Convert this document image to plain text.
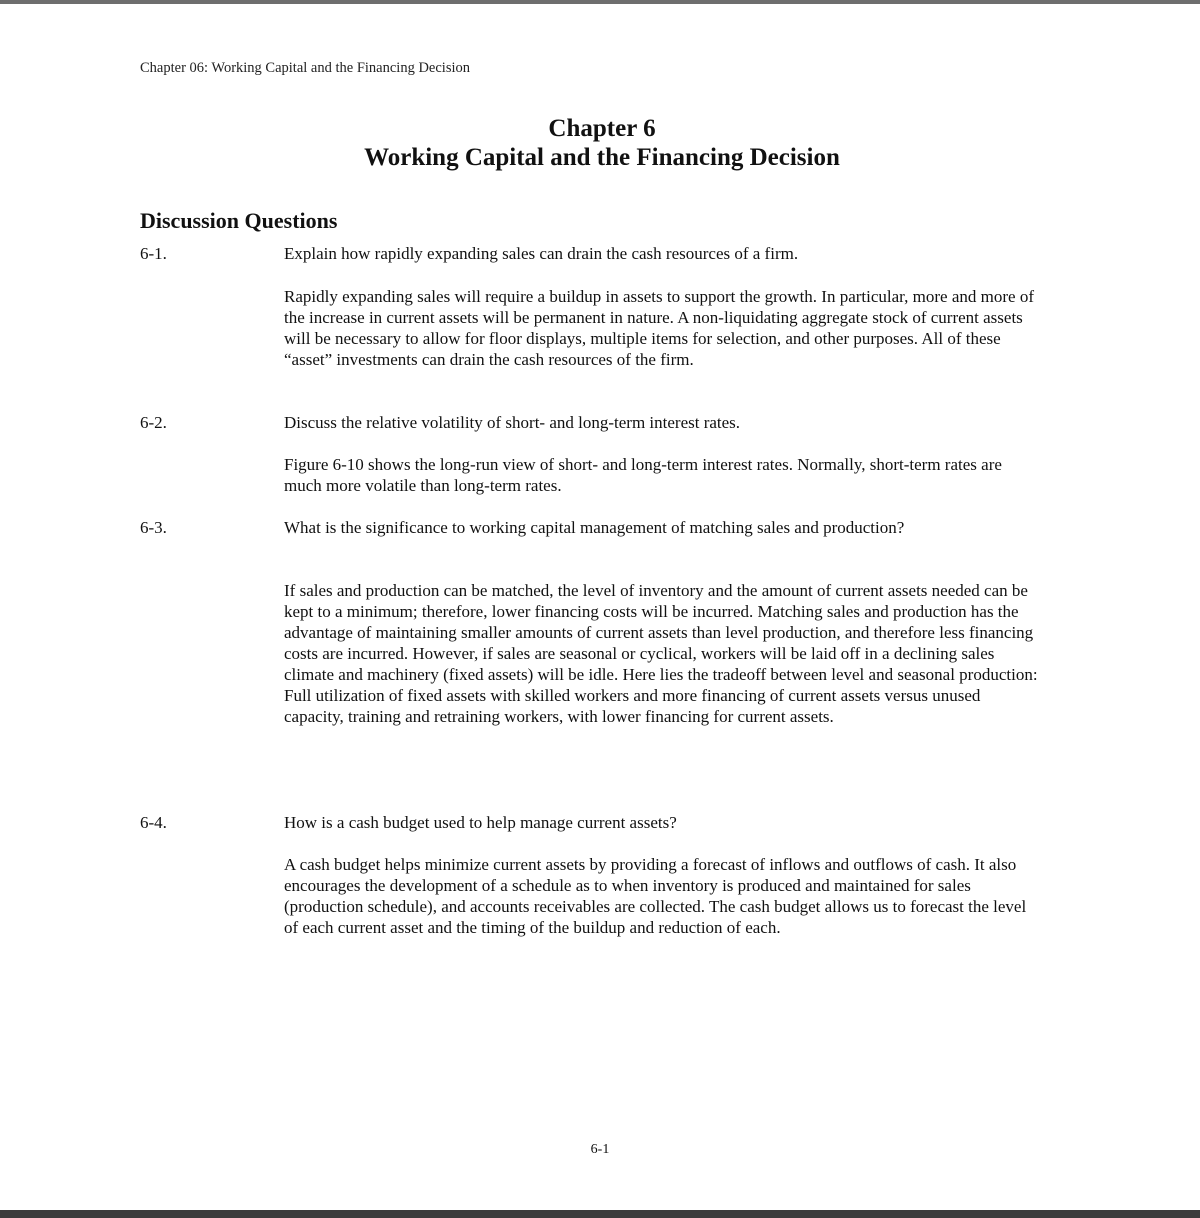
Chapter 06: Working Capital and the Financing Decision
Chapter 6
Working Capital and the Financing Decision
Discussion Questions
6-1.	Explain how rapidly expanding sales can drain the cash resources of a firm.
Rapidly expanding sales will require a buildup in assets to support the growth. In particular, more and more of the increase in current assets will be permanent in nature. A non-liquidating aggregate stock of current assets will be necessary to allow for floor displays, multiple items for selection, and other purposes. All of these “asset” investments can drain the cash resources of the firm.
6-2.	Discuss the relative volatility of short- and long-term interest rates.
Figure 6-10 shows the long-run view of short- and long-term interest rates. Normally, short-term rates are much more volatile than long-term rates.
6-3.	What is the significance to working capital management of matching sales and production?
If sales and production can be matched, the level of inventory and the amount of current assets needed can be kept to a minimum; therefore, lower financing costs will be incurred. Matching sales and production has the advantage of maintaining smaller amounts of current assets than level production, and therefore less financing costs are incurred. However, if sales are seasonal or cyclical, workers will be laid off in a declining sales climate and machinery (fixed assets) will be idle. Here lies the tradeoff between level and seasonal production: Full utilization of fixed assets with skilled workers and more financing of current assets versus unused capacity, training and retraining workers, with lower financing for current assets.
6-4.	How is a cash budget used to help manage current assets?
A cash budget helps minimize current assets by providing a forecast of inflows and outflows of cash. It also encourages the development of a schedule as to when inventory is produced and maintained for sales (production schedule), and accounts receivables are collected. The cash budget allows us to forecast the level of each current asset and the timing of the buildup and reduction of each.
6-1
